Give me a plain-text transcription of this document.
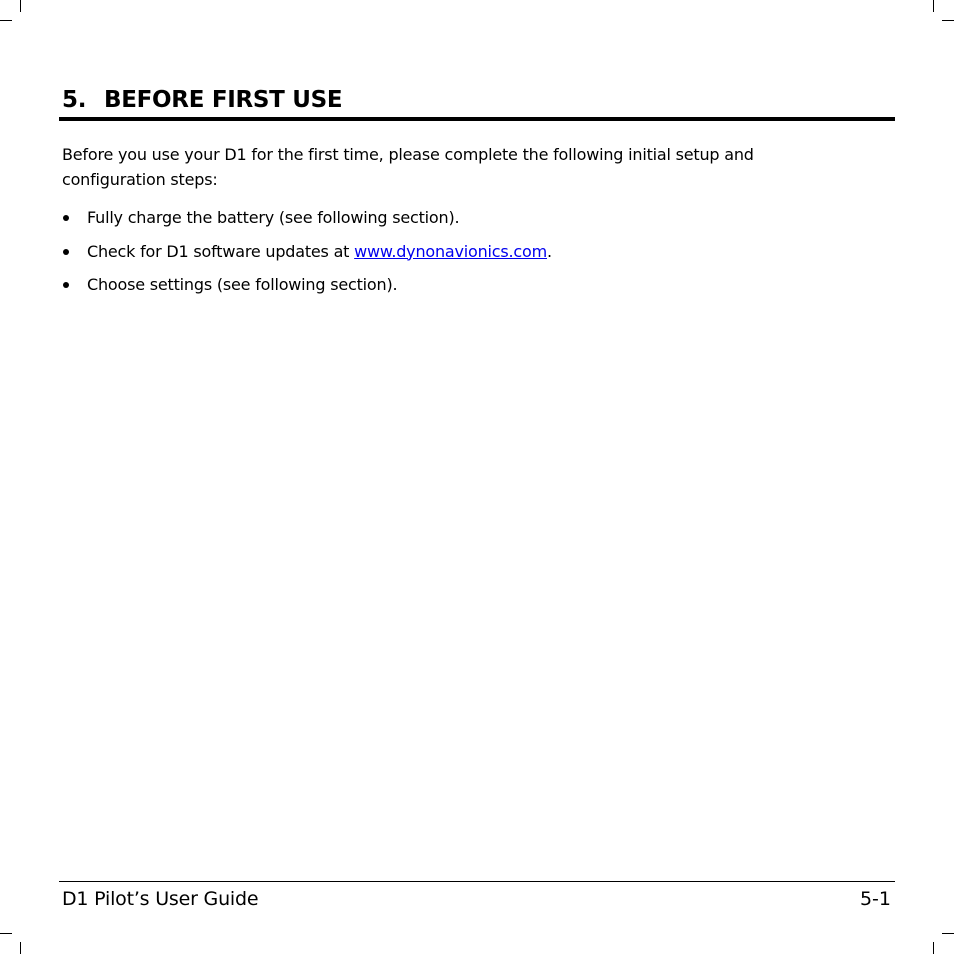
5. BEFORE FIRST USE

Before you use your D1 for the first time, please complete the following initial setup and configuration steps:

Fully charge the battery (see following section).
Check for D1 software updates at www.dynonavionics.com.
Choose settings (see following section).
D1 Pilot’s User Guide	5-1
